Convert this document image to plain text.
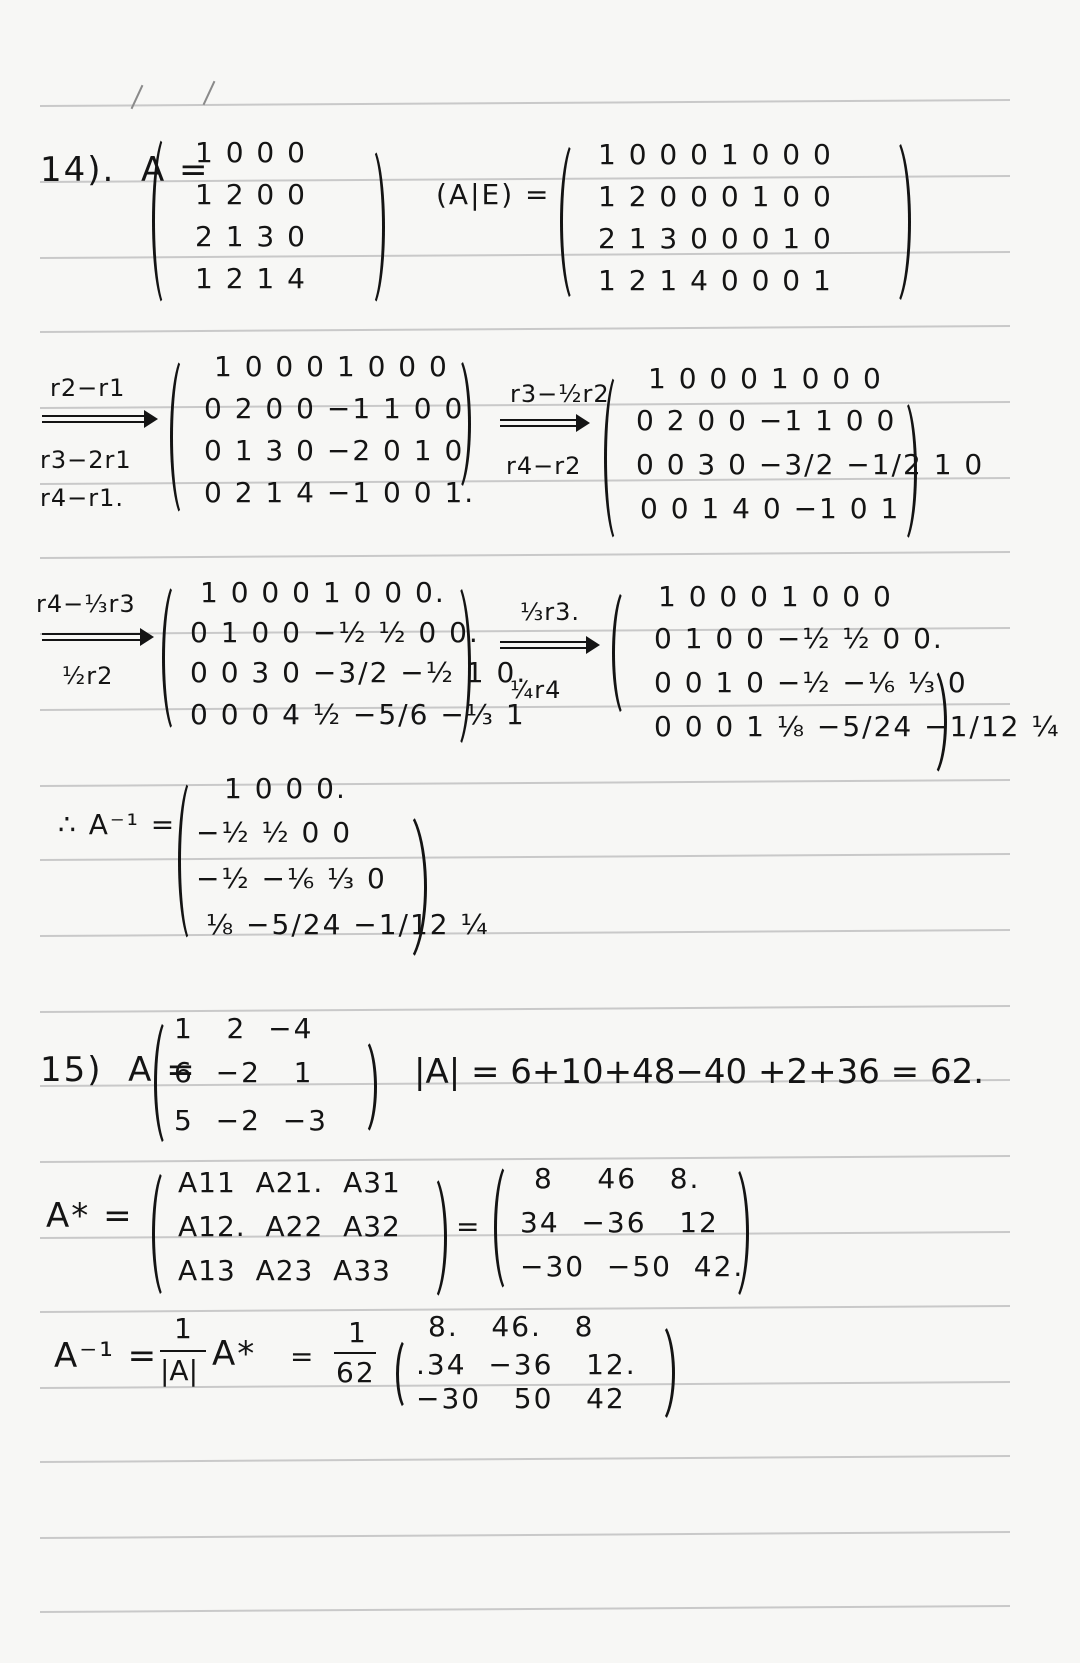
14).  A =
1 0 0 0
1 2 0 0
2 1 3 0
1 2 1 4
(A|E) =
1 0 0 0 1 0 0 0
1 2 0 0 0 1 0 0
2 1 3 0 0 0 1 0
1 2 1 4 0 0 0 1
r2−r1
r3−2r1
r4−r1.
1 0 0 0 1 0 0 0
0 2 0 0 −1 1 0 0
0 1 3 0 −2 0 1 0
0 2 1 4 −1 0 0 1.
r3−½r2
r4−r2
1 0 0 0 1 0 0 0
0 2 0 0 −1 1 0 0
0 0 3 0 −3/2 −1/2 1 0
0 0 1 4 0 −1 0 1
r4−⅓r3
½r2
1 0 0 0 1 0 0 0.
0 1 0 0 −½ ½ 0 0.
0 0 3 0 −3/2 −½ 1 0.
0 0 0 4 ½ −5/6 −⅓ 1
⅓r3.
¼r4
1 0 0 0 1 0 0 0
0 1 0 0 −½ ½ 0 0.
0 0 1 0 −½ −⅙ ⅓ 0
0 0 0 1 ⅛ −5/24 −1/12 ¼
∴ A⁻¹ =
1 0 0 0.
−½ ½ 0 0
−½ −⅙ ⅓ 0
⅛ −5/24 −1/12 ¼
15)  A =
1   2  −4
6  −2   1
5  −2  −3
|A| = 6+10+48−40 +2+36 = 62.
A* =
A11  A21.  A31
A12.  A22  A32
A13  A23  A33
=
8    46   8.
34  −36   12
−30  −50  42.
A⁻¹ =
1
|A| A* =
1
62
8.   46.   8
.34  −36   12.
−30   50   42
